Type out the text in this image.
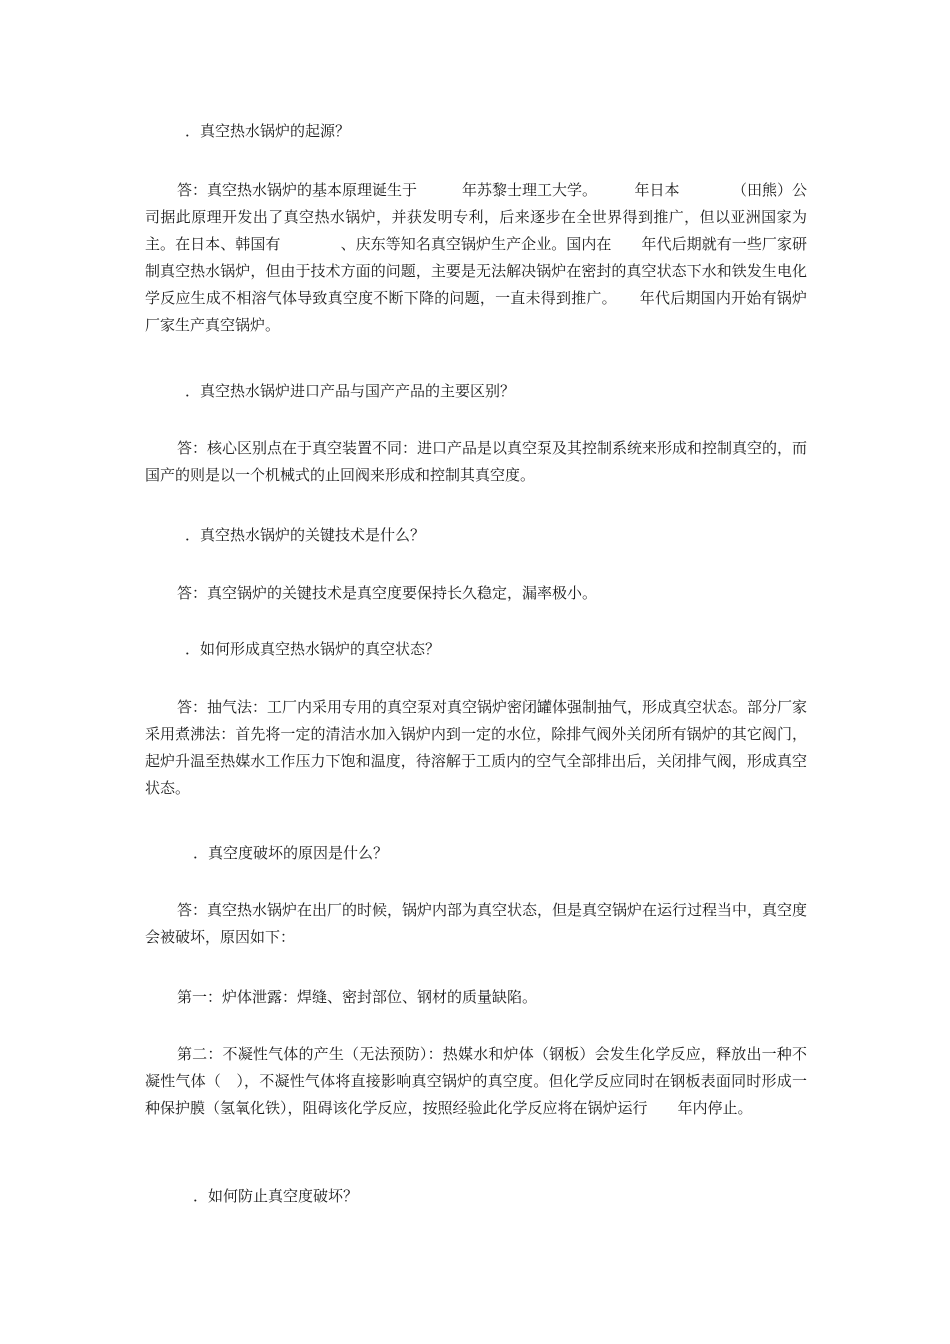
．真空热水锅炉的起源？

答：真空热水锅炉的基本原理诞生于　　　年苏黎士理工大学。　　　年日本　　　　（田熊）公司据此原理开发出了真空热水锅炉，并获发明专利，后来逐步在全世界得到推广，但以亚洲国家为主。在日本、韩国有　　　　、庆东等知名真空锅炉生产企业。国内在　　年代后期就有一些厂家研制真空热水锅炉，但由于技术方面的问题，主要是无法解决锅炉在密封的真空状态下水和铁发生电化学反应生成不相溶气体导致真空度不断下降的问题，一直未得到推广。　　年代后期国内开始有锅炉厂家生产真空锅炉。

．真空热水锅炉进口产品与国产产品的主要区别？

答：核心区别点在于真空装置不同：进口产品是以真空泵及其控制系统来形成和控制真空的，而国产的则是以一个机械式的止回阀来形成和控制其真空度。

．真空热水锅炉的关键技术是什么？

答：真空锅炉的关键技术是真空度要保持长久稳定，漏率极小。

．如何形成真空热水锅炉的真空状态？

答：抽气法：工厂内采用专用的真空泵对真空锅炉密闭罐体强制抽气，形成真空状态。部分厂家采用煮沸法：首先将一定的清洁水加入锅炉内到一定的水位，除排气阀外关闭所有锅炉的其它阀门，起炉升温至热媒水工作压力下饱和温度，待溶解于工质内的空气全部排出后，关闭排气阀，形成真空状态。

．真空度破坏的原因是什么？

答：真空热水锅炉在出厂的时候，锅炉内部为真空状态，但是真空锅炉在运行过程当中，真空度会被破坏，原因如下：

第一：炉体泄露：焊缝、密封部位、钢材的质量缺陷。

第二：不凝性气体的产生（无法预防）：热媒水和炉体（钢板）会发生化学反应，释放出一种不凝性气体（　），不凝性气体将直接影响真空锅炉的真空度。但化学反应同时在钢板表面同时形成一种保护膜（氢氧化铁），阻碍该化学反应，按照经验此化学反应将在锅炉运行　　年内停止。

．如何防止真空度破坏？
